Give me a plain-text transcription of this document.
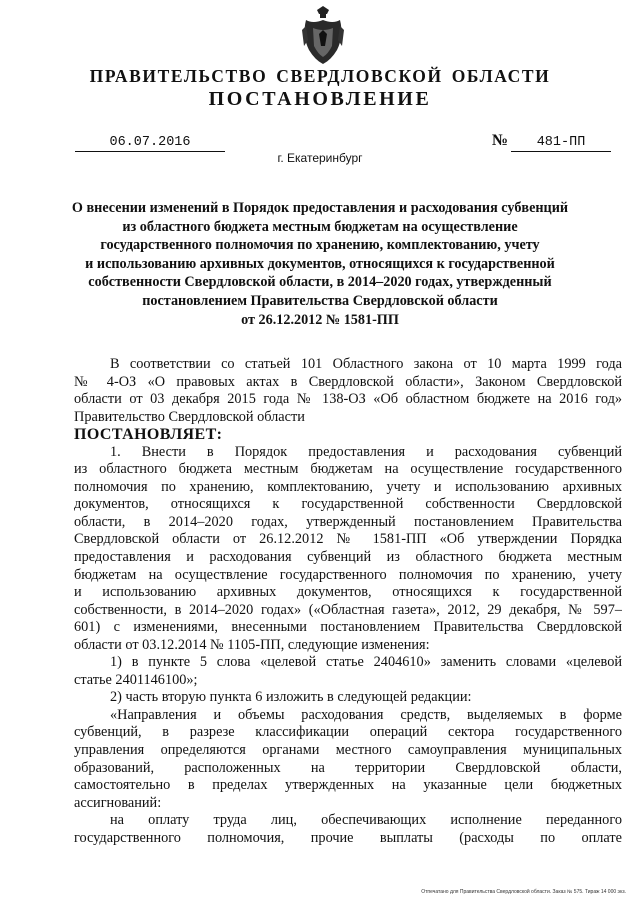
ПРАВИТЕЛЬСТВО СВЕРДЛОВСКОЙ ОБЛАСТИ
ПОСТАНОВЛЕНИЕ
06.07.2016	№	481-ПП
г. Екатеринбург
О внесении изменений в Порядок предоставления и расходования субвенций
из областного бюджета местным бюджетам на осуществление
государственного полномочия по хранению, комплектованию, учету
и использованию архивных документов, относящихся к государственной
собственности Свердловской области, в 2014–2020 годах, утвержденный
постановлением Правительства Свердловской области
от 26.12.2012 № 1581-ПП
В соответствии со статьей 101 Областного закона от 10 марта 1999 года
№ 4-ОЗ «О правовых актах в Свердловской области», Законом Свердловской
области от 03 декабря 2015 года № 138-ОЗ «Об областном бюджете на 2016 год»
Правительство Свердловской области
ПОСТАНОВЛЯЕТ:
1. Внести в Порядок предоставления и расходования субвенций
из областного бюджета местным бюджетам на осуществление государственного
полномочия по хранению, комплектованию, учету и использованию архивных
документов, относящихся к государственной собственности Свердловской
области, в 2014–2020 годах, утвержденный постановлением Правительства
Свердловской области от 26.12.2012 № 1581-ПП «Об утверждении Порядка
предоставления и расходования субвенций из областного бюджета местным
бюджетам на осуществление государственного полномочия по хранению, учету
и использованию архивных документов, относящихся к государственной
собственности, в 2014–2020 годах» («Областная газета», 2012, 29 декабря, № 597–
601) с изменениями, внесенными постановлением Правительства Свердловской
области от 03.12.2014 № 1105-ПП, следующие изменения:
1) в пункте 5 слова «целевой статье 2404610» заменить словами «целевой
статье 2401146100»;
2) часть вторую пункта 6 изложить в следующей редакции:
«Направления и объемы расходования средств, выделяемых в форме
субвенций, в разрезе классификации операций сектора государственного
управления определяются органами местного самоуправления муниципальных
образований, расположенных на территории Свердловской области,
самостоятельно в пределах утвержденных на указанные цели бюджетных
ассигнований:
на оплату труда лиц, обеспечивающих исполнение переданного
государственного полномочия, прочие выплаты (расходы по оплате
Отпечатано для Правительства Свердловской области. Заказ № 575. Тираж 14 000 экз.
